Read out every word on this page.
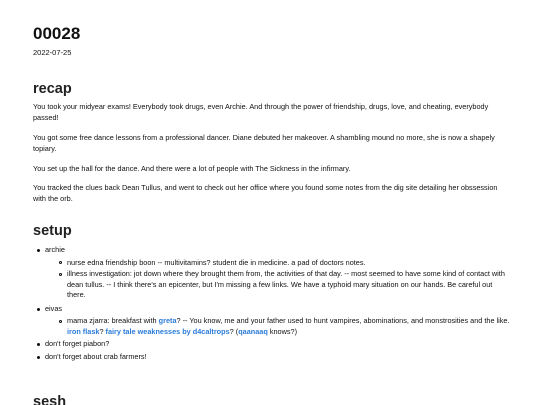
00028
2022-07-25
recap

You took your midyear exams! Everybody took drugs, even Archie. And through the power of friendship, drugs, love, and cheating, everybody passed!

You got some free dance lessons from a professional dancer. Diane debuted her makeover. A shambling mound no more, she is now a shapely topiary.

You set up the hall for the dance. And there were a lot of people with The Sickness in the infirmary.

You tracked the clues back Dean Tullus, and went to check out her office where you found some notes from the dig site detailing her obssession with the orb.

setup
archie
nurse edna friendship boon -- multivitamins? student die in medicine. a pad of doctors notes.
illness investigation: jot down where they brought them from, the activities of that day. -- most seemed to have some kind of contact with dean tullus. -- I think there's an epicenter, but I'm missing a few links. We have a typhoid mary situation on our hands. Be careful out there.
eivas
mama zjarra: breakfast with greta? -- You know, me and your father used to hunt vampires, abominations, and monstrosities and the like. iron flask? fairy tale weaknesses by d4caltrops? (qaanaaq knows?)
don't forget piabon?
don't forget about crab farmers!
sesh
